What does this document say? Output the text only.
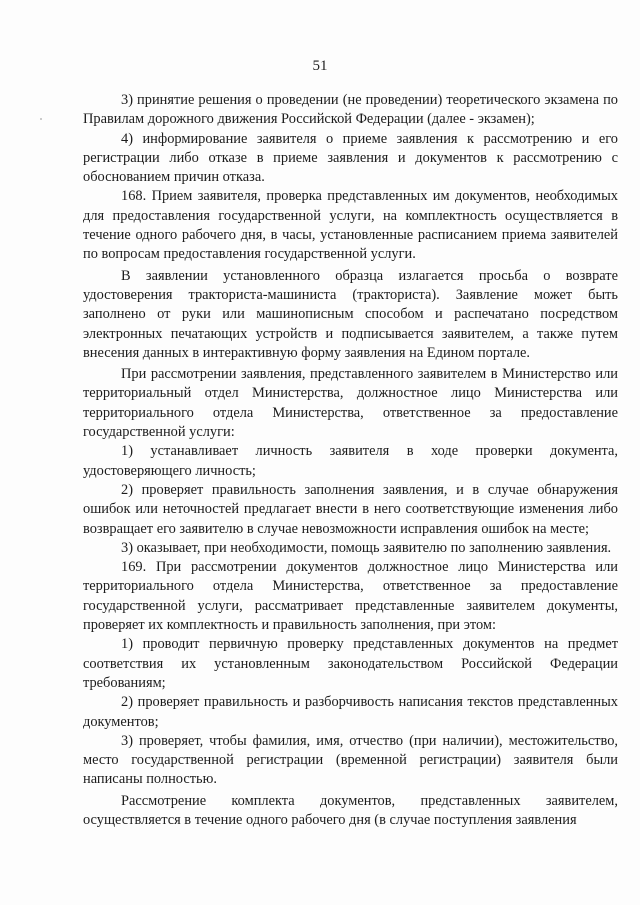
51

3) принятие решения о проведении (не проведении) теоретического экзамена по Правилам дорожного движения Российской Федерации (далее - экзамен);

4) информирование заявителя о приеме заявления к рассмотрению и его регистрации либо отказе в приеме заявления и документов к рассмотрению с обоснованием причин отказа.

168. Прием заявителя, проверка представленных им документов, необходимых для предоставления государственной услуги, на комплектность осуществляется в течение одного рабочего дня, в часы, установленные расписанием приема заявителей по вопросам предоставления государственной услуги.

В заявлении установленного образца излагается просьба о возврате удостоверения тракториста-машиниста (тракториста). Заявление может быть заполнено от руки или машинописным способом и распечатано посредством электронных печатающих устройств и подписывается заявителем, а также путем внесения данных в интерактивную форму заявления на Едином портале.

При рассмотрении заявления, представленного заявителем в Министерство или территориальный отдел Министерства, должностное лицо Министерства или территориального отдела Министерства, ответственное за предоставление государственной услуги:

1) устанавливает личность заявителя в ходе проверки документа, удостоверяющего личность;

2) проверяет правильность заполнения заявления, и в случае обнаружения ошибок или неточностей предлагает внести в него соответствующие изменения либо возвращает его заявителю в случае невозможности исправления ошибок на месте;

3) оказывает, при необходимости, помощь заявителю по заполнению заявления.

169. При рассмотрении документов должностное лицо Министерства или территориального отдела Министерства, ответственное за предоставление государственной услуги, рассматривает представленные заявителем документы, проверяет их комплектность и правильность заполнения, при этом:

1) проводит первичную проверку представленных документов на предмет соответствия их установленным законодательством Российской Федерации требованиям;

2) проверяет правильность и разборчивость написания текстов представленных документов;

3) проверяет, чтобы фамилия, имя, отчество (при наличии), местожительство, место государственной регистрации (временной регистрации) заявителя были написаны полностью.

Рассмотрение комплекта документов, представленных заявителем, осуществляется в течение одного рабочего дня (в случае поступления заявления
